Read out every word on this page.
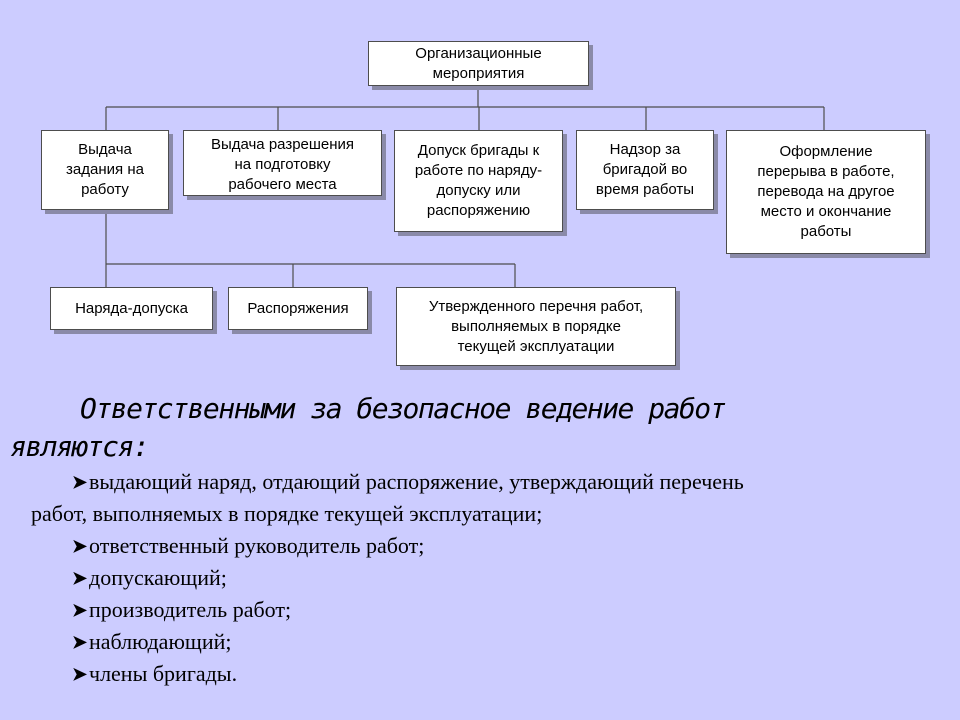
Организационные
мероприятия
Выдача
задания на
работу
Выдача разрешения
на подготовку
рабочего места
Допуск бригады к
работе по наряду-
допуску или
распоряжению
Надзор за
бригадой во
время работы
Оформление
перерыва в работе,
перевода на другое
место и окончание
работы
Наряда-допуска	Распоряжения	Утвержденного перечня работ,
выполняемых в порядке
текущей эксплуатации
Ответственными за безопасное ведение работ
являются:
➤выдающий наряд, отдающий распоряжение, утверждающий перечень
работ, выполняемых в порядке текущей эксплуатации;
➤ответственный руководитель работ;
➤допускающий;
➤производитель работ;
➤наблюдающий;
➤члены бригады.
